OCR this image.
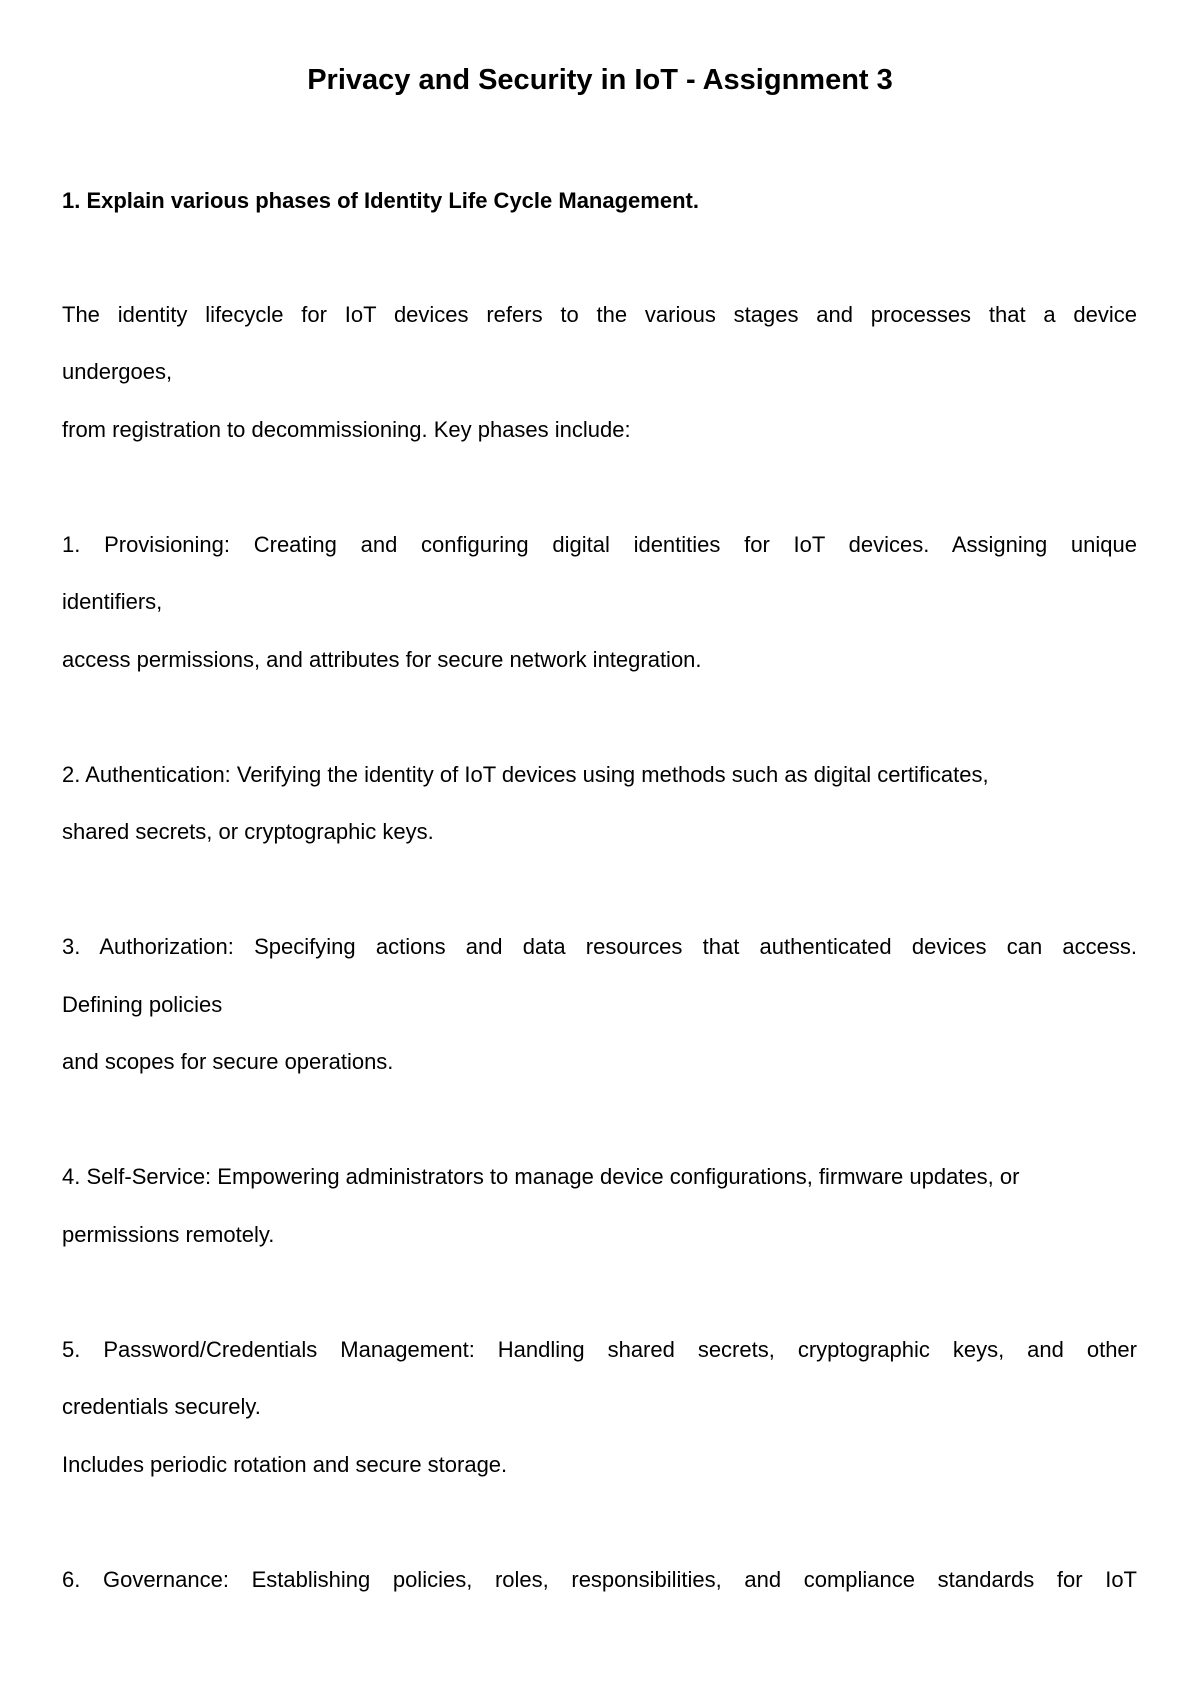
Privacy and Security in IoT - Assignment 3
1. Explain various phases of Identity Life Cycle Management.
The identity lifecycle for IoT devices refers to the various stages and processes that a device
undergoes,
from registration to decommissioning. Key phases include:
1. Provisioning: Creating and configuring digital identities for IoT devices. Assigning unique
identifiers,
access permissions, and attributes for secure network integration.
2. Authentication: Verifying the identity of IoT devices using methods such as digital certificates,
shared secrets, or cryptographic keys.
3. Authorization: Specifying actions and data resources that authenticated devices can access.
Defining policies
and scopes for secure operations.
4. Self-Service: Empowering administrators to manage device configurations, firmware updates, or
permissions remotely.
5. Password/Credentials Management: Handling shared secrets, cryptographic keys, and other
credentials securely.
Includes periodic rotation and secure storage.
6. Governance: Establishing policies, roles, responsibilities, and compliance standards for IoT
